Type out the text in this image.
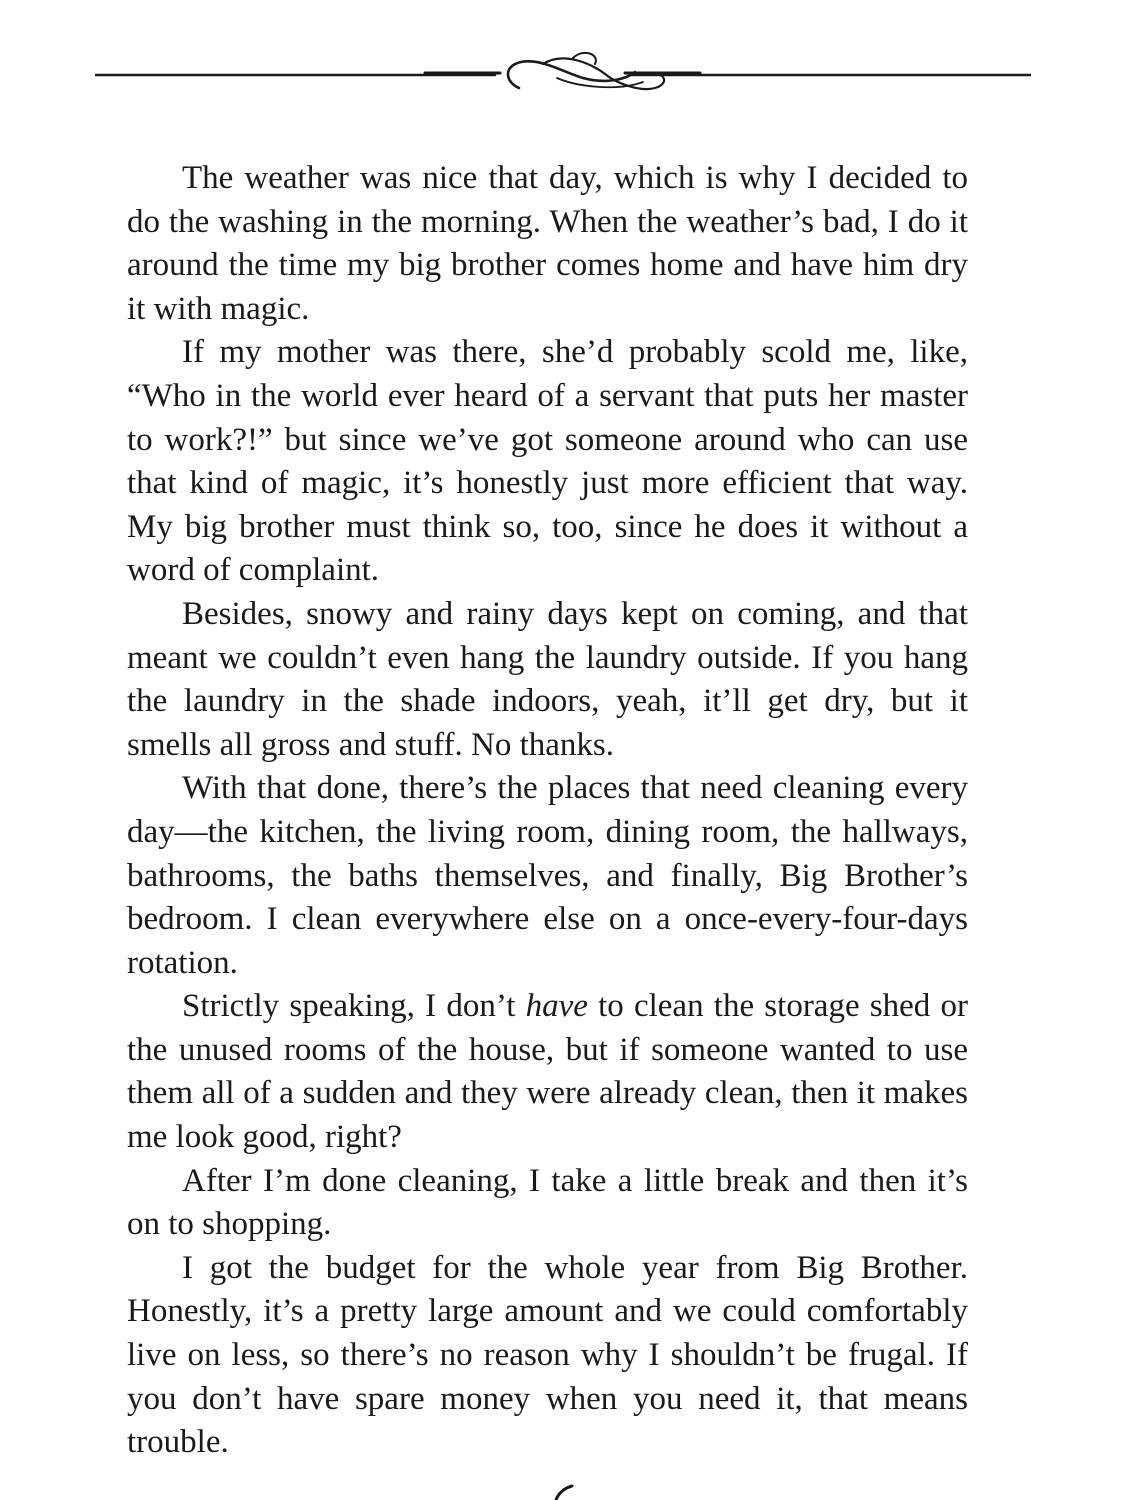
The weather was nice that day, which is why I decided to do the washing in the morning. When the weather’s bad, I do it around the time my big brother comes home and have him dry it with magic.

If my mother was there, she’d probably scold me, like, “Who in the world ever heard of a servant that puts her master to work?!” but since we’ve got someone around who can use that kind of magic, it’s honestly just more efficient that way. My big brother must think so, too, since he does it without a word of complaint.

Besides, snowy and rainy days kept on coming, and that meant we couldn’t even hang the laundry outside. If you hang the laundry in the shade indoors, yeah, it’ll get dry, but it smells all gross and stuff. No thanks.

With that done, there’s the places that need cleaning every day—the kitchen, the living room, dining room, the hallways, bathrooms, the baths themselves, and finally, Big Brother’s bedroom. I clean everywhere else on a once-every-four-days rotation.

Strictly speaking, I don’t have to clean the storage shed or the unused rooms of the house, but if someone wanted to use them all of a sudden and they were already clean, then it makes me look good, right?

After I’m done cleaning, I take a little break and then it’s on to shopping.

I got the budget for the whole year from Big Brother. Honestly, it’s a pretty large amount and we could comfortably live on less, so there’s no reason why I shouldn’t be frugal. If you don’t have spare money when you need it, that means trouble.
